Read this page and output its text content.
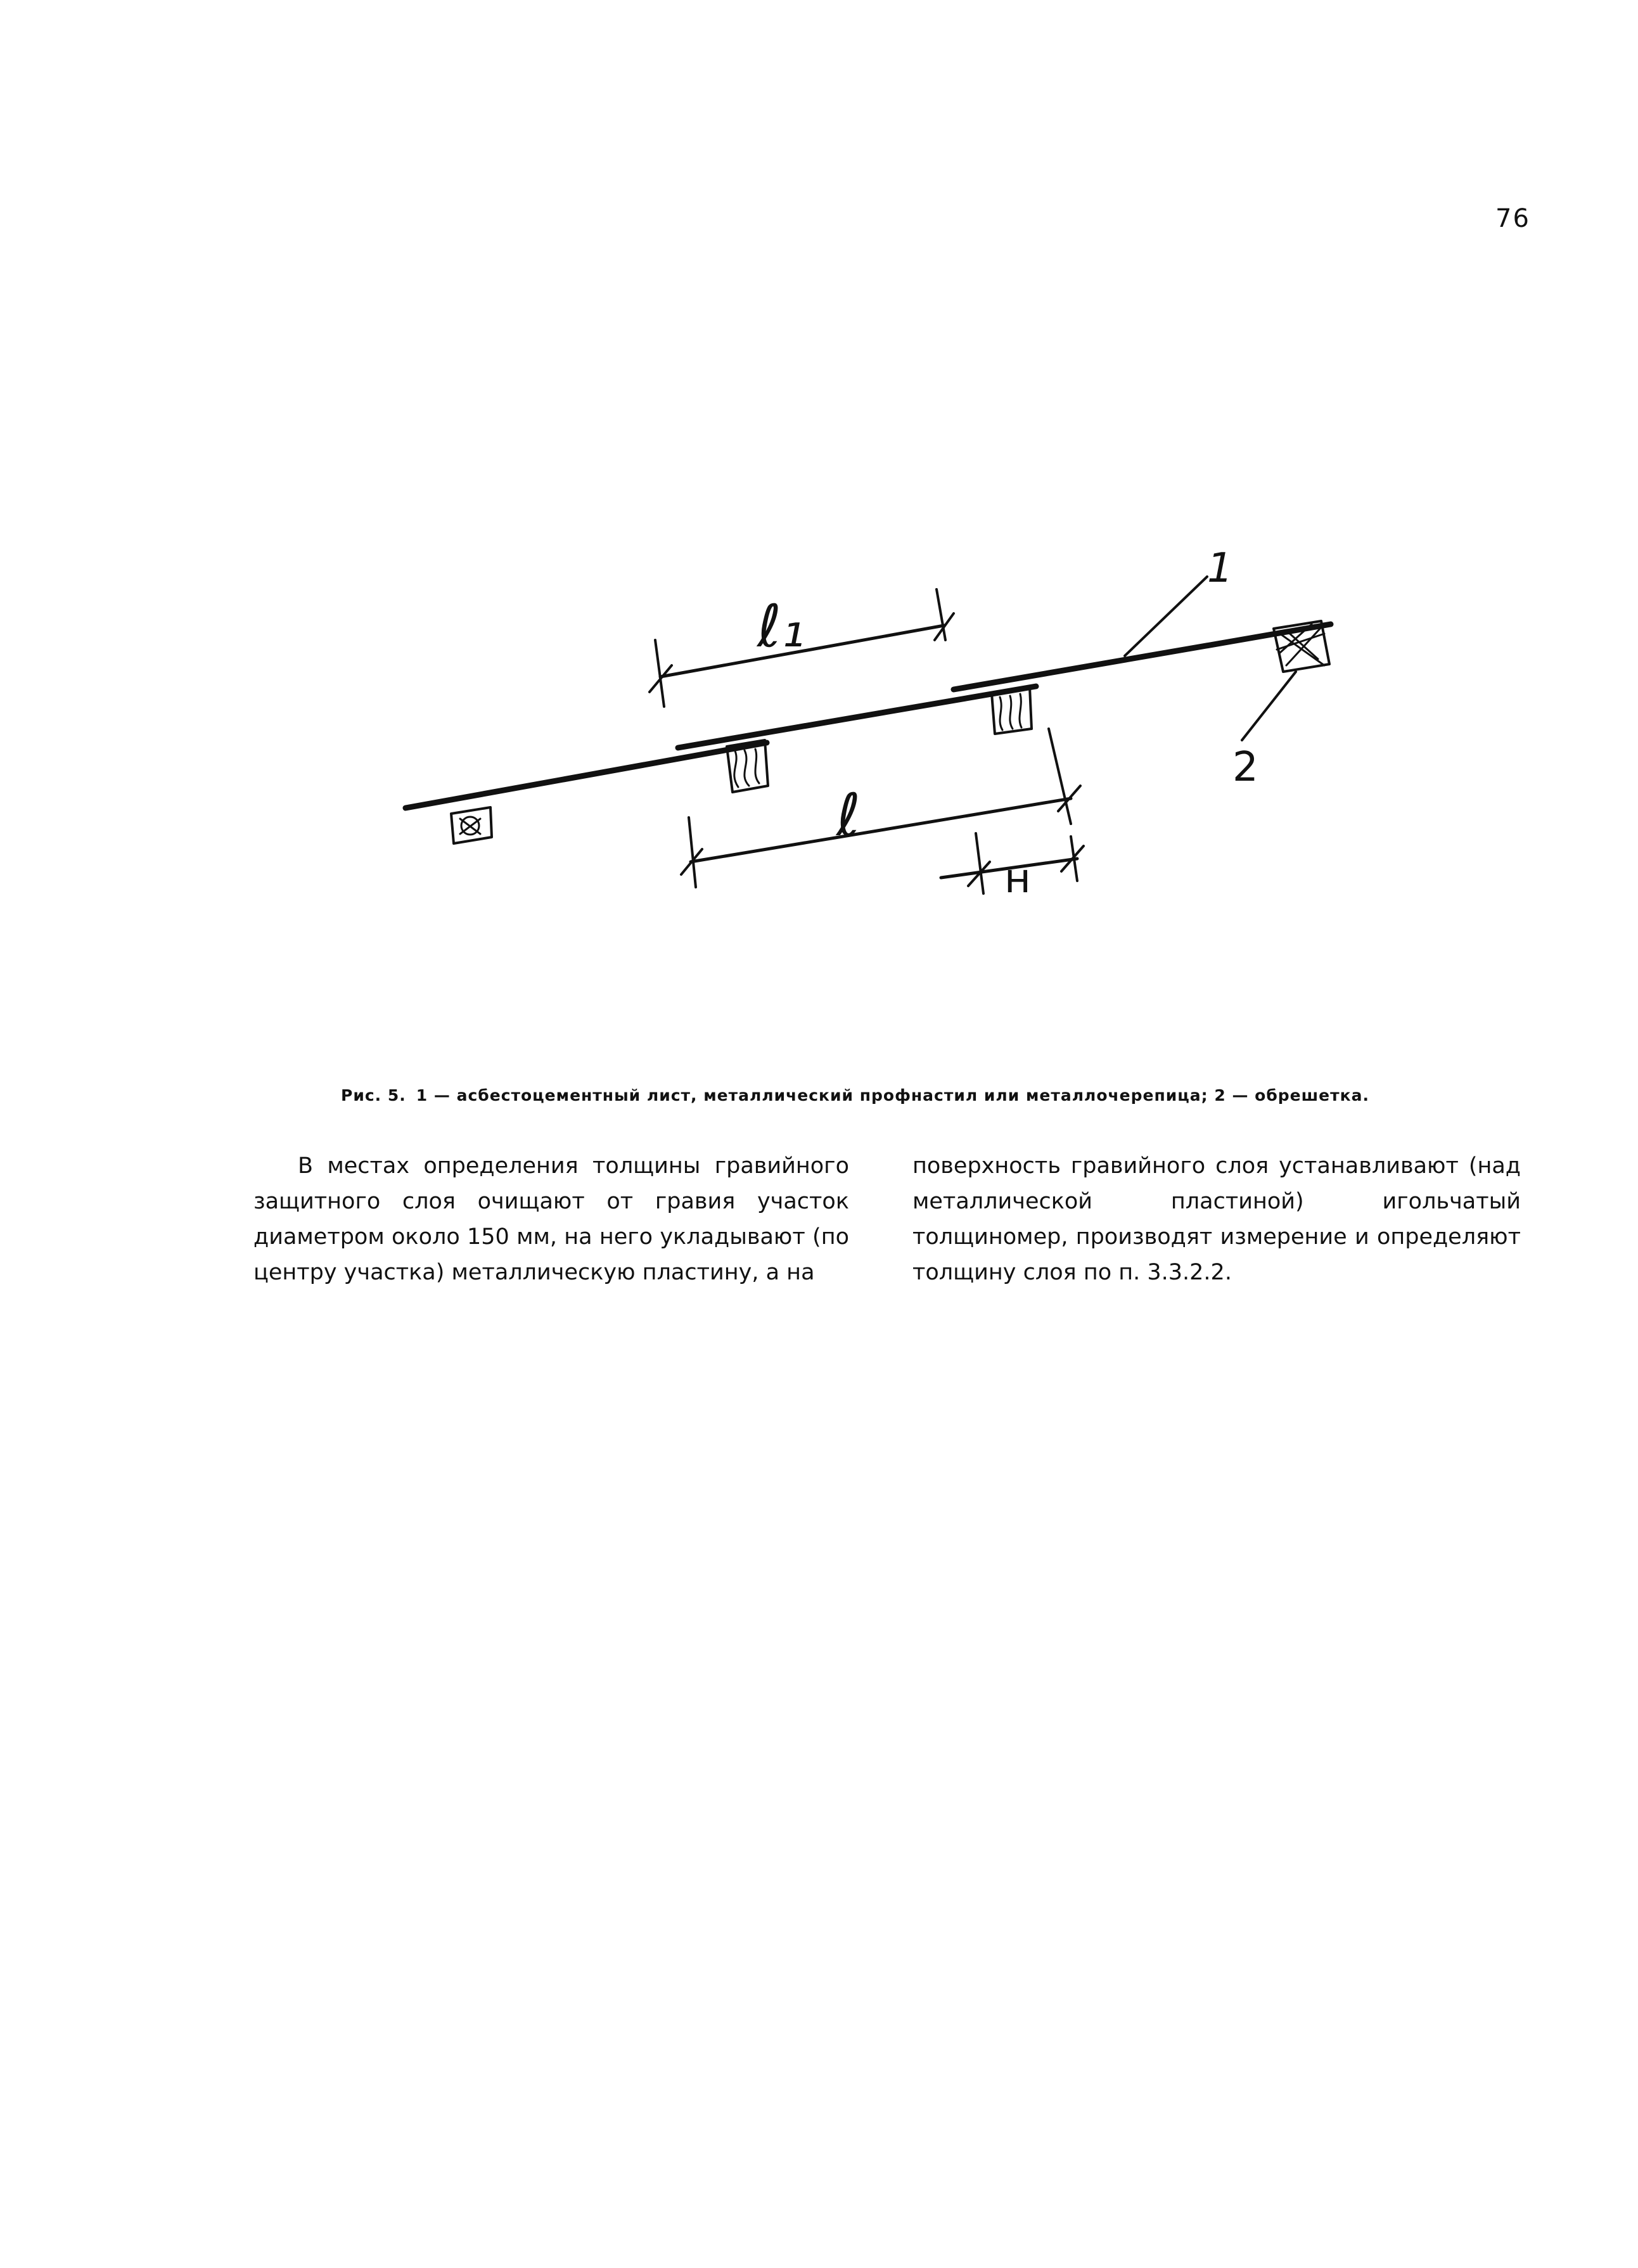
76
ℓ₁
ℓ
н
1
2
Рис. 5. 1 — асбестоцементный лист, металлический профнастил или металлочерепица; 2 — обрешетка.
В местах определения толщины гравийного защитного слоя очищают от гравия участок диаметром около 150 мм, на него укладывают (по центру участка) металлическую пластину, а на
поверхность гравийного слоя устанавливают (над металлической пластиной) игольчатый толщиномер, производят измерение и определяют толщину слоя по п. 3.3.2.2.
